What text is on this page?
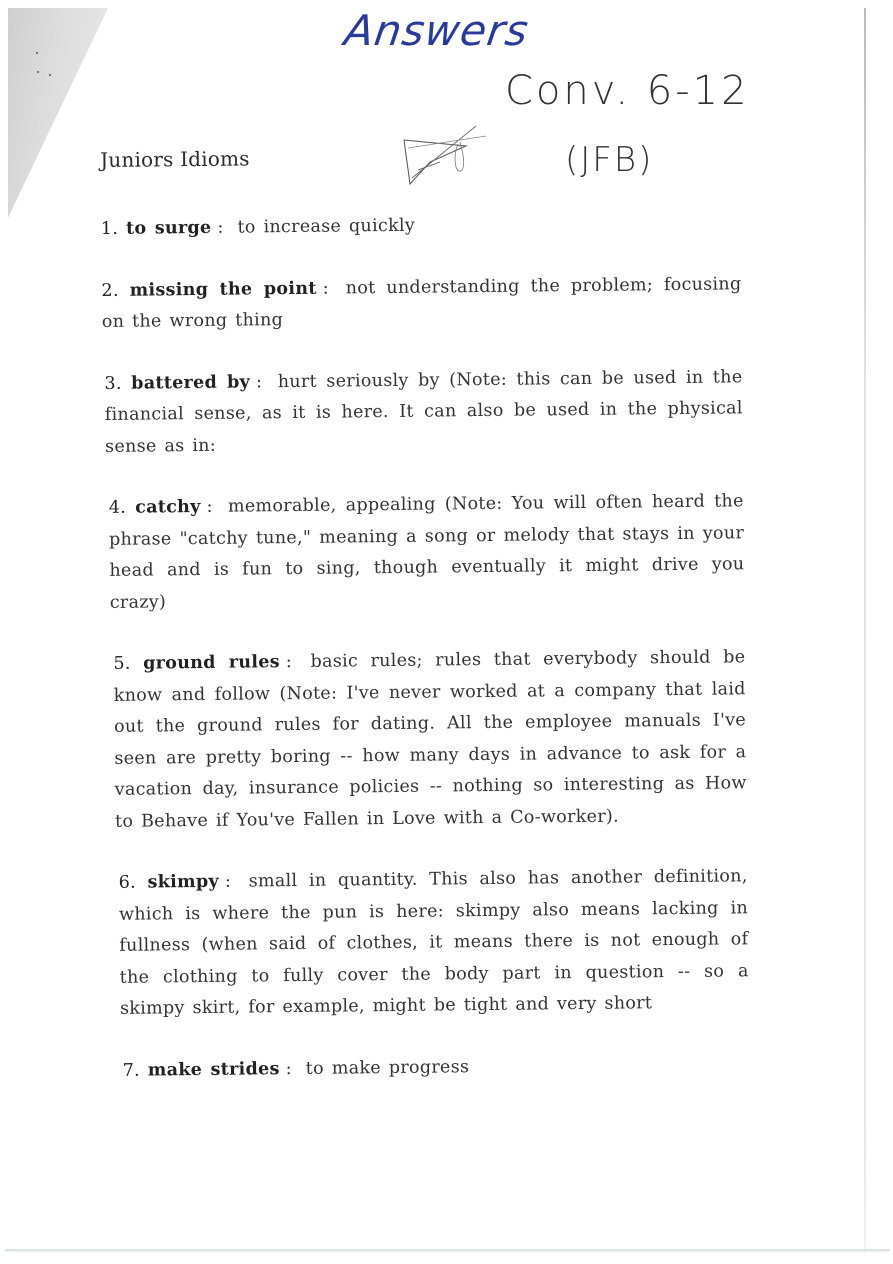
Answers
Conv. 6-12
(JFB)
Juniors Idioms

1. to surge : to increase quickly

2. missing the point : not understanding the problem; focusing on the wrong thing

3. battered by : hurt seriously by (Note: this can be used in the financial sense, as it is here. It can also be used in the physical sense as in:

4. catchy : memorable, appealing (Note: You will often heard the phrase "catchy tune," meaning a song or melody that stays in your head and is fun to sing, though eventually it might drive you crazy)

5. ground rules : basic rules; rules that everybody should be know and follow (Note: I've never worked at a company that laid out the ground rules for dating. All the employee manuals I've seen are pretty boring -- how many days in advance to ask for a vacation day, insurance policies -- nothing so interesting as How to Behave if You've Fallen in Love with a Co-worker).

6. skimpy : small in quantity. This also has another definition, which is where the pun is here: skimpy also means lacking in fullness (when said of clothes, it means there is not enough of the clothing to fully cover the body part in question -- so a skimpy skirt, for example, might be tight and very short

7. make strides : to make progress
